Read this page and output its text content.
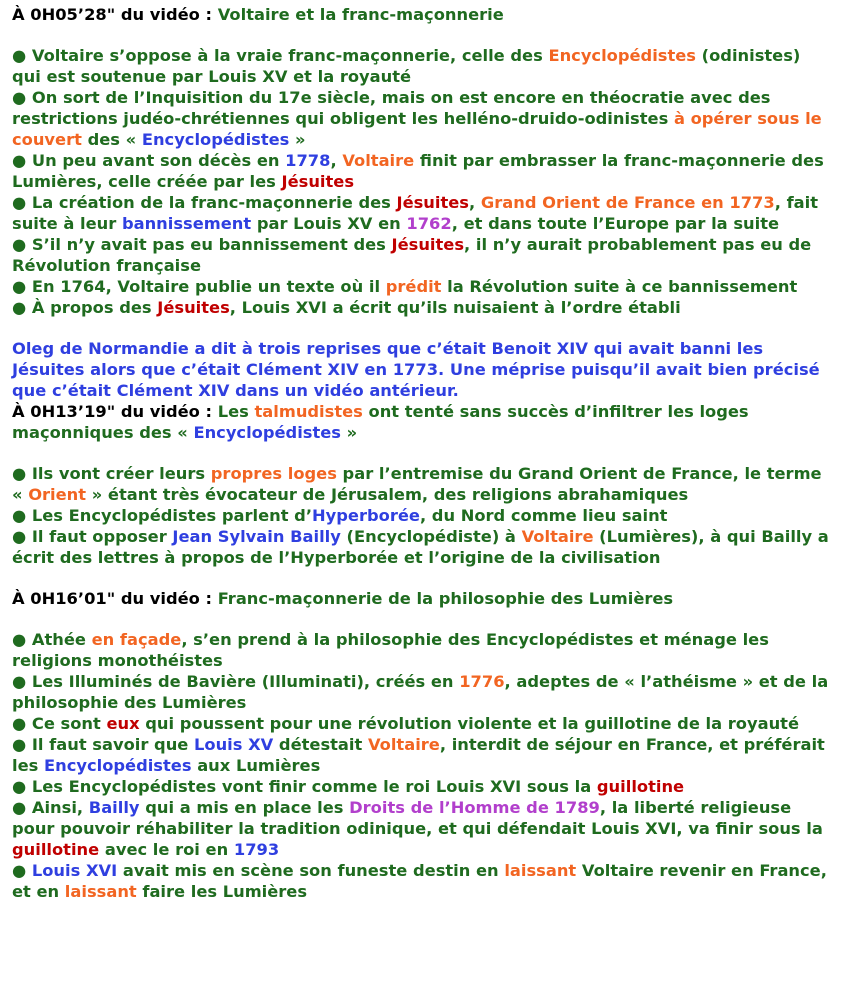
À 0H05’28" du vidéo : Voltaire et la franc-maçonnerie

● Voltaire s’oppose à la vraie franc-maçonnerie, celle des Encyclopédistes (odinistes) qui est soutenue par Louis XV et la royauté

● On sort de l’Inquisition du 17e siècle, mais on est encore en théocratie avec des restrictions judéo-chrétiennes qui obligent les helléno-druido-odinistes à opérer sous le couvert des « Encyclopédistes »

● Un peu avant son décès en 1778, Voltaire finit par embrasser la franc-maçonnerie des Lumières, celle créée par les Jésuites

● La création de la franc-maçonnerie des Jésuites, Grand Orient de France en 1773, fait suite à leur bannissement par Louis XV en 1762, et dans toute l’Europe par la suite

● S’il n’y avait pas eu bannissement des Jésuites, il n’y aurait probablement pas eu de Révolution française

● En 1764, Voltaire publie un texte où il prédit la Révolution suite à ce bannissement

● À propos des Jésuites, Louis XVI a écrit qu’ils nuisaient à l’ordre établi

Oleg de Normandie a dit à trois reprises que c’était Benoit XIV qui avait banni les Jésuites alors que c’était Clément XIV en 1773. Une méprise puisqu’il avait bien précisé que c’était Clément XIV dans un vidéo antérieur.

À 0H13’19" du vidéo : Les talmudistes ont tenté sans succès d’infiltrer les loges maçonniques des « Encyclopédistes »

● Ils vont créer leurs propres loges par l’entremise du Grand Orient de France, le terme « Orient » étant très évocateur de Jérusalem, des religions abrahamiques

● Les Encyclopédistes parlent d’Hyperborée, du Nord comme lieu saint

● Il faut opposer Jean Sylvain Bailly (Encyclopédiste) à Voltaire (Lumières), à qui Bailly a écrit des lettres à propos de l’Hyperborée et l’origine de la civilisation

À 0H16’01" du vidéo : Franc-maçonnerie de la philosophie des Lumières

● Athée en façade, s’en prend à la philosophie des Encyclopédistes et ménage les religions monothéistes

● Les Illuminés de Bavière (Illuminati), créés en 1776, adeptes de « l’athéisme » et de la philosophie des Lumières

● Ce sont eux qui poussent pour une révolution violente et la guillotine de la royauté

● Il faut savoir que Louis XV détestait Voltaire, interdit de séjour en France, et préférait les Encyclopédistes aux Lumières

● Les Encyclopédistes vont finir comme le roi Louis XVI sous la guillotine

● Ainsi, Bailly qui a mis en place les Droits de l’Homme de 1789, la liberté religieuse pour pouvoir réhabiliter la tradition odinique, et qui défendait Louis XVI, va finir sous la guillotine avec le roi en 1793

● Louis XVI avait mis en scène son funeste destin en laissant Voltaire revenir en France, et en laissant faire les Lumières
